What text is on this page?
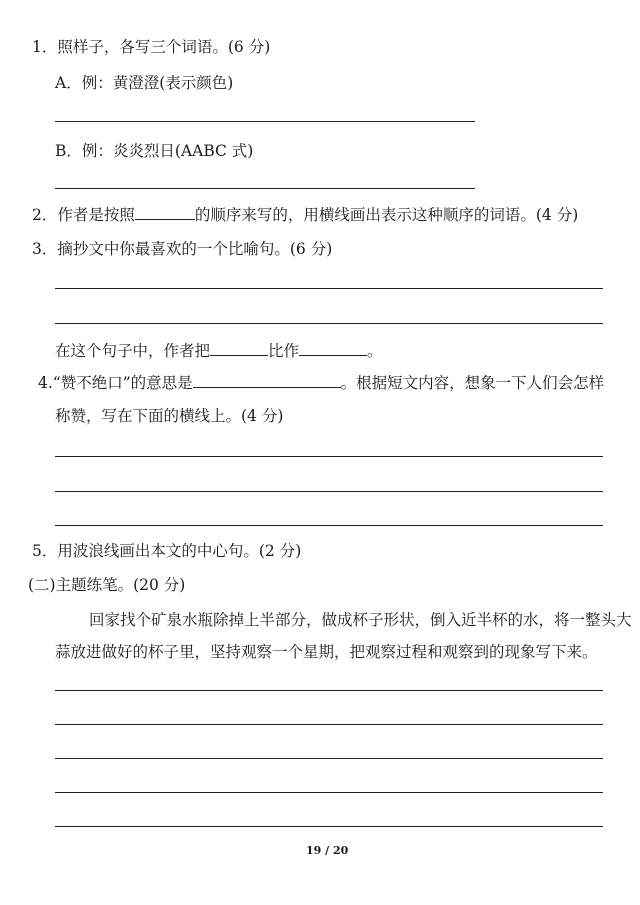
1．照样子，各写三个词语。(6 分)
A．例：黄澄澄(表示颜色)
B．例：炎炎烈日(AABC 式)
2．作者是按照	的顺序来写的，用横线画出表示这种顺序的词语。(4 分)
3．摘抄文中你最喜欢的一个比喻句。(6 分)
在这个句子中，作者把	比作	。
4.“赞不绝口”的意思是	。根据短文内容，想象一下人们会怎样
称赞，写在下面的横线上。(4 分)
5．用波浪线画出本文的中心句。(2 分)
(二)主题练笔。(20 分)
回家找个矿泉水瓶除掉上半部分，做成杯子形状，倒入近半杯的水，将一整头大
蒜放进做好的杯子里，坚持观察一个星期，把观察过程和观察到的现象写下来。
19 / 20
